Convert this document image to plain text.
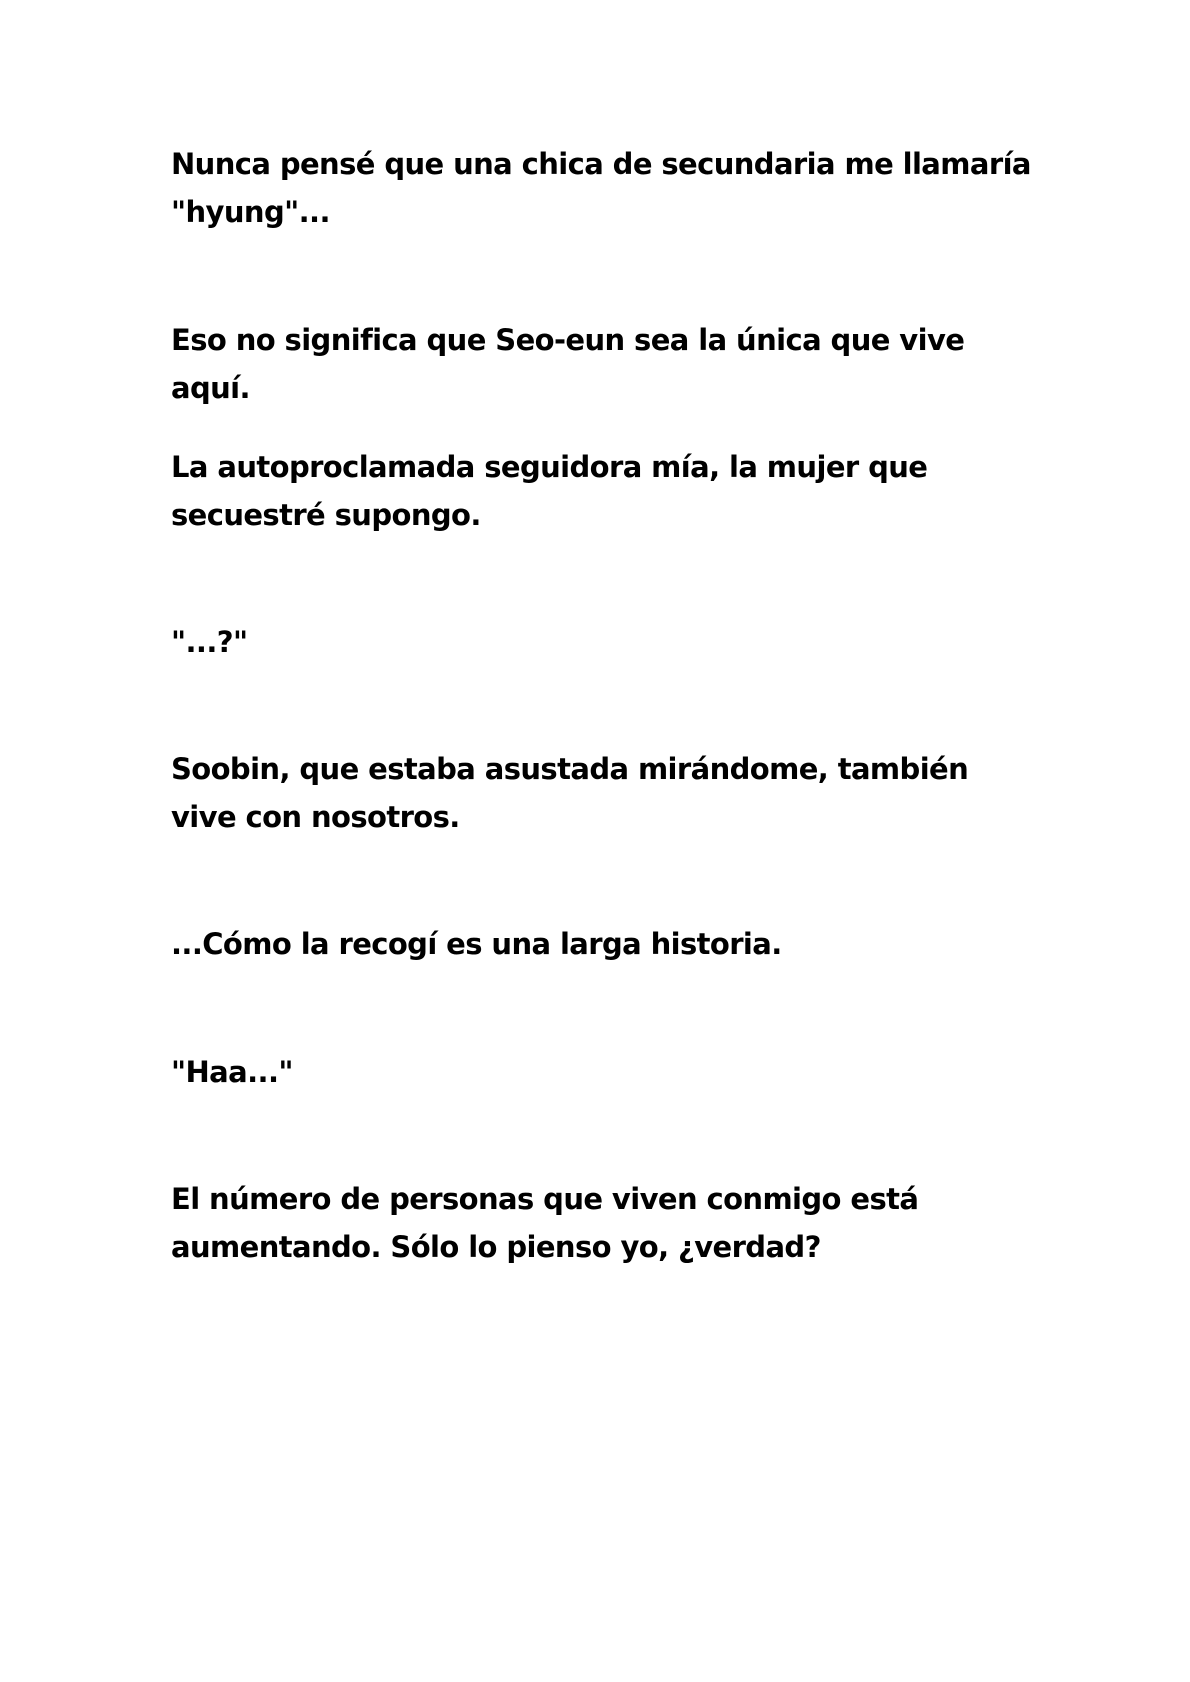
Nunca pensé que una chica de secundaria me llamaría "hyung"...

Eso no significa que Seo-eun sea la única que vive aquí.

La autoproclamada seguidora mía, la mujer que secuestré supongo.

"...?"

Soobin, que estaba asustada mirándome, también vive con nosotros.

...Cómo la recogí es una larga historia.

"Haa..."

El número de personas que viven conmigo está aumentando. Sólo lo pienso yo, ¿verdad?
